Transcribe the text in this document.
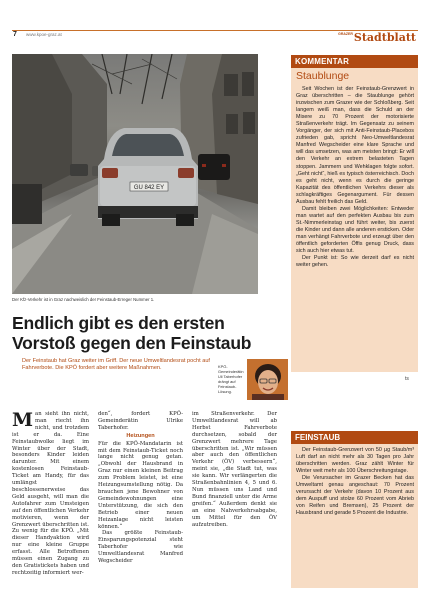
7 www.kpoe-graz.at	GRAZER Stadtblatt
GU 842 EY
Der Kfz-Verkehr ist in Graz nachweislich der Feinstaub-Erreger Nummer 1.
Endlich gibt es den ersten
Vorstoß gegen den Feinstaub
Der Feinstaub hat Graz weiter im Griff. Der neue Umweltlandesrat pocht auf Fahrverbote. Die KPÖ fordert aber weitere Maßnahmen.	KPÖ-Gemeinderätin Uli Taberhofer drängt auf Feinstaub-Lösung.
Man sieht ihn nicht, man riecht ihn nicht, und trotzdem ist er da. Eine Feinstaubwolke liegt im Winter über der Stadt, besonders Kinder leiden darunter. Mit einem kostenlosen Feinstaub-Ticket am Handy, für das umlängst beschlossenerweise das Geld ausgeht, will man die Autofahrer zum Umsteigen auf den öffentlichen Verkehr motivieren, wenn der Grenzwert überschritten ist. Zu wenig für die KPÖ. „Mit dieser Handyaktion wird nur eine kleine Gruppe erfasst. Alle Betroffenen müssen einen Zugang zu den Gratistickets haben und rechtzeitig informiert wer-

den“, fordert KPÖ-Gemeinderätin Ulrike Taberhofer.

Heizungen

Für die KPÖ-Mandatarin ist mit dem Feinstaub-Ticket noch lange nicht genug getan. „Obwohl der Hausbrand in Graz nur einen kleinen Beitrag zum Problem leistet, ist eine Heizungsumstellung nötig. Da brauchen jene Bewohner von Gemeindewohnungen eine Unterstützung, die sich den Betrieb einer neuen Heizanlage nicht leisten können.“

Das größte Feinstaub-Einsparungspotenzial steht Taberhofer wie Umweltlandesrat Manfred Wegscheider

im Straßenverkehr. Der Umweltlandesrat will ab Herbst Fahrverbote durchsetzen, sobald der Grenzwert mehrere Tage überschritten ist. „Wir müssen aber auch den öffentlichen Verkehr (ÖV) verbessern“, meint sie, „die Stadt tut, was sie kann. Wir verlängerten die Straßenbahnlinien 4, 5 und 6. Nun müssen uns Land und Bund finanziell unter die Arme greifen.“ Außerdem denkt sie an eine Nahverkehrsabgabe, um Mittel für den ÖV aufzutreiben.

KOMMENTAR
Staublunge

Seit Wochen ist der Feinstaub-Grenzwert in Graz überschritten – die Staublunge gehört inzwischen zum Grazer wie der Schloßberg. Seit langem weiß man, dass die Schuld an der Misere zu 70 Prozent der motorisierte Straßenverkehr trägt. Im Gegensatz zu seinem Vorgänger, der sich mit Anti-Feinstaub-Placebos zufrieden gab, spricht Neo-Umweltlandesrat Manfred Wegscheider eine klare Sprache und will das umsetzen, was am meisten bringt: Er will den Verkehr an extrem belasteten Tagen stoppen. Jammern und Wehklagen folgte sofort. „Geht nicht“, hieß es typisch österreichisch. Doch es geht nicht, wenn es durch die geringe Kapazität des öffentlichen Verkehrs dieser als schlagkräftiges Gegenargument. Für dessen Ausbau fehlt freilich das Geld.

Damit bleiben zwei Möglichkeiten: Entweder man wartet auf den perfekten Ausbau bis zum St.-Nimmerleinstag und führt weiter, bis zuerst die Kinder und dann alle anderen ersticken. Oder man verhängt Fahrverbote und erzeugt über den öffentlich geforderten Öffis genug Druck, dass sich auch hier etwas tut.

Der Punkt ist: So wie derzeit darf es nicht weiter gehen.

ts
FEINSTAUB

Der Feinstaub-Grenzwert von 50 µg Staub/m³ Luft darf an nicht mehr als 30 Tagen pro Jahr überschritten werden. Graz zählt Winter für Winter weit mehr als 100 Überschreitungstage.

Die Verursacher im Grazer Becken hat das Umweltamt genau angeschaut: 70 Prozent verursacht der Verkehr (davon 10 Prozent aus dem Auspuff und stolze 60 Prozent vom Abrieb von Reifen und Bremsen), 25 Prozent der Hausbrand und gerade 5 Prozent die Industrie.
